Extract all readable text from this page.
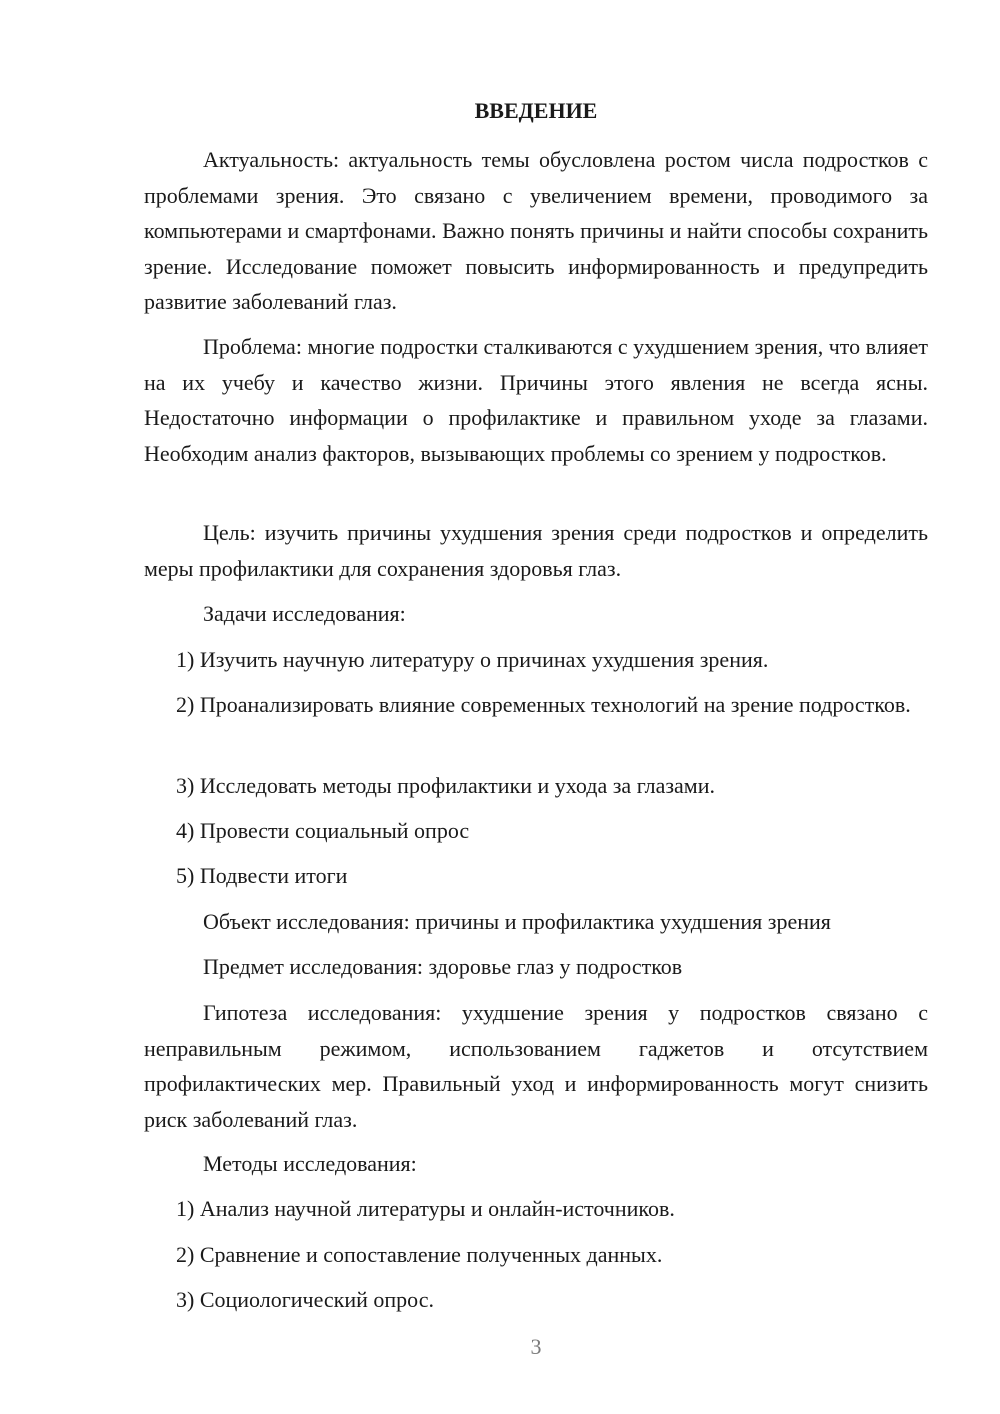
ВВЕДЕНИЕ

Актуальность: актуальность темы обусловлена ростом числа подростков с проблемами зрения. Это связано с увеличением времени, проводимого за компьютерами и смартфонами. Важно понять причины и найти способы сохранить зрение. Исследование поможет повысить информированность и предупредить развитие заболеваний глаз.

Проблема: многие подростки сталкиваются с ухудшением зрения, что влияет на их учебу и качество жизни. Причины этого явления не всегда ясны. Недостаточно информации о профилактике и правильном уходе за глазами. Необходим анализ факторов, вызывающих проблемы со зрением у подростков.

Цель: изучить причины ухудшения зрения среди подростков и определить меры профилактики для сохранения здоровья глаз.

Задачи исследования:

1) Изучить научную литературу о причинах ухудшения зрения.

2) Проанализировать влияние современных технологий на зрение подростков.

3) Исследовать методы профилактики и ухода за глазами.

4) Провести социальный опрос

5) Подвести итоги

Объект исследования: причины и профилактика ухудшения зрения

Предмет исследования: здоровье глаз у подростков

Гипотеза исследования: ухудшение зрения у подростков связано с неправильным режимом, использованием гаджетов и отсутствием профилактических мер. Правильный уход и информированность могут снизить риск заболеваний глаз.

Методы исследования:

1) Анализ научной литературы и онлайн-источников.

2) Сравнение и сопоставление полученных данных.

3) Социологический опрос.

3
